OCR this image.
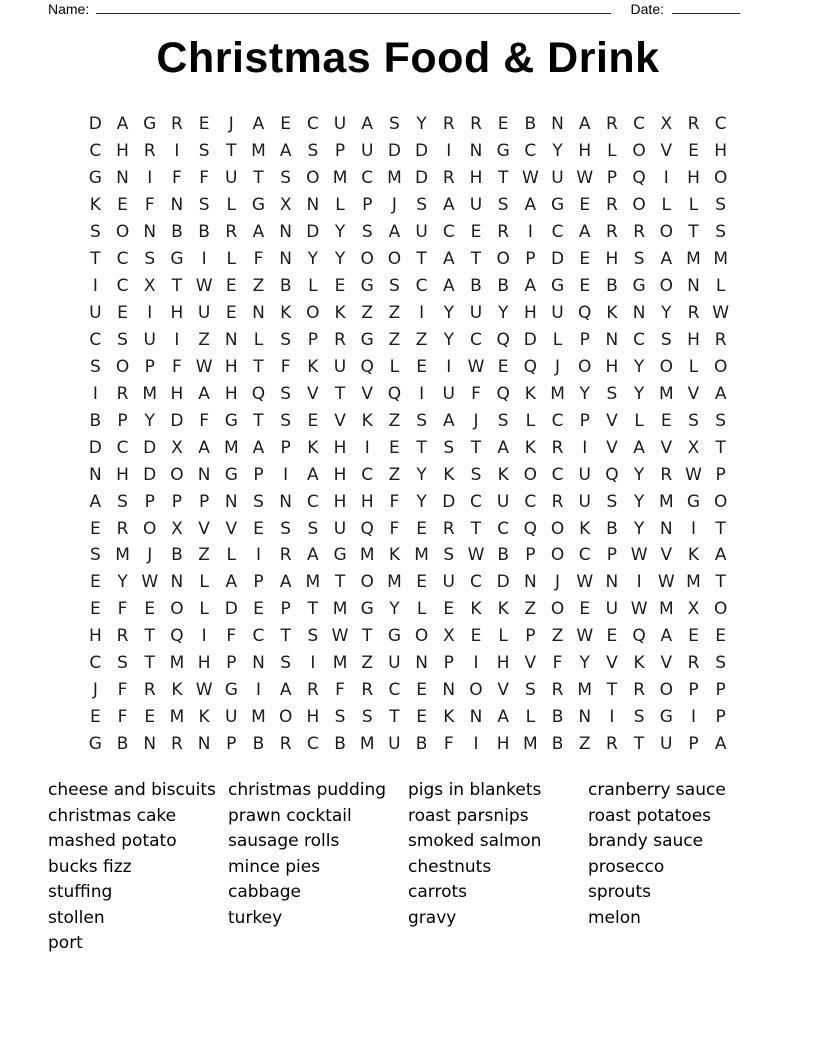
Name:	Date:
Christmas Food & Drink
D A G R E	J	A E C U A S Y R R E B N A R C X R C
C H R	I	S T M A S P U D D	I	N G C Y H L O V E H
G N	I	F	F U T S O M C M D R H T W U W P Q	I	H O
K E F N S	L G X N L	P	J	S A U S A G E R O L	L	S
S O N B B R A N D Y S A U C E R	I	C A R R O T S
T C S G	I	L	F N Y Y O O T A T O P D E H S A M M
I	C X T W E Z B L	E G S C A B B A G E B G O N L
U E	I	H U E N K O K Z Z	I	Y U Y H U Q K N Y R W
C S U	I	Z N L	S P R G Z Z Y C Q D L	P N C S H R
S O P	F W H T	F K U Q L	E	I W E Q	J	O H Y O L O
I	R M H A H Q S V T V Q	I	U F Q K M Y S Y M V A
B P Y D F G T S E V K Z S A	J	S	L C P V L	E S S
D C D X A M A P K H	I	E T S T A K R	I	V A V X T
N H D O N G P	I	A H C Z Y K S K O C U Q Y R W P
A S P P P N S N C H H F	Y D C U C R U S Y M G O
E R O X V V E S S U Q F E R T C Q O K B Y N	I	T
S M	J	B Z L	I	R A G M K M S W B P O C P W V K A
E Y W N L A P A M T O M E U C D N	J W N	I W M T
E F E O L D E P T M G Y	L	E K K Z O E U W M X O
H R T Q	I	F C T S W T G O X E	L	P Z W E Q A E E
C S T M H P N S	I	M Z U N P	I	H V F	Y V K V R S
J	F R K W G	I	A R F R C E N O V S R M T R O P P
E F E M K U M O H S S T E K N A L B N	I	S G	I	P
G B N R N P B R C B M U B F	I	H M B Z R T U P A
cheese and biscuits
christmas cake
mashed potato
bucks fizz
stuffing
stollen
port
christmas pudding
prawn cocktail
sausage rolls
mince pies
cabbage
turkey
pigs in blankets
roast parsnips
smoked salmon
chestnuts
carrots
gravy
cranberry sauce
roast potatoes
brandy sauce
prosecco
sprouts
melon
